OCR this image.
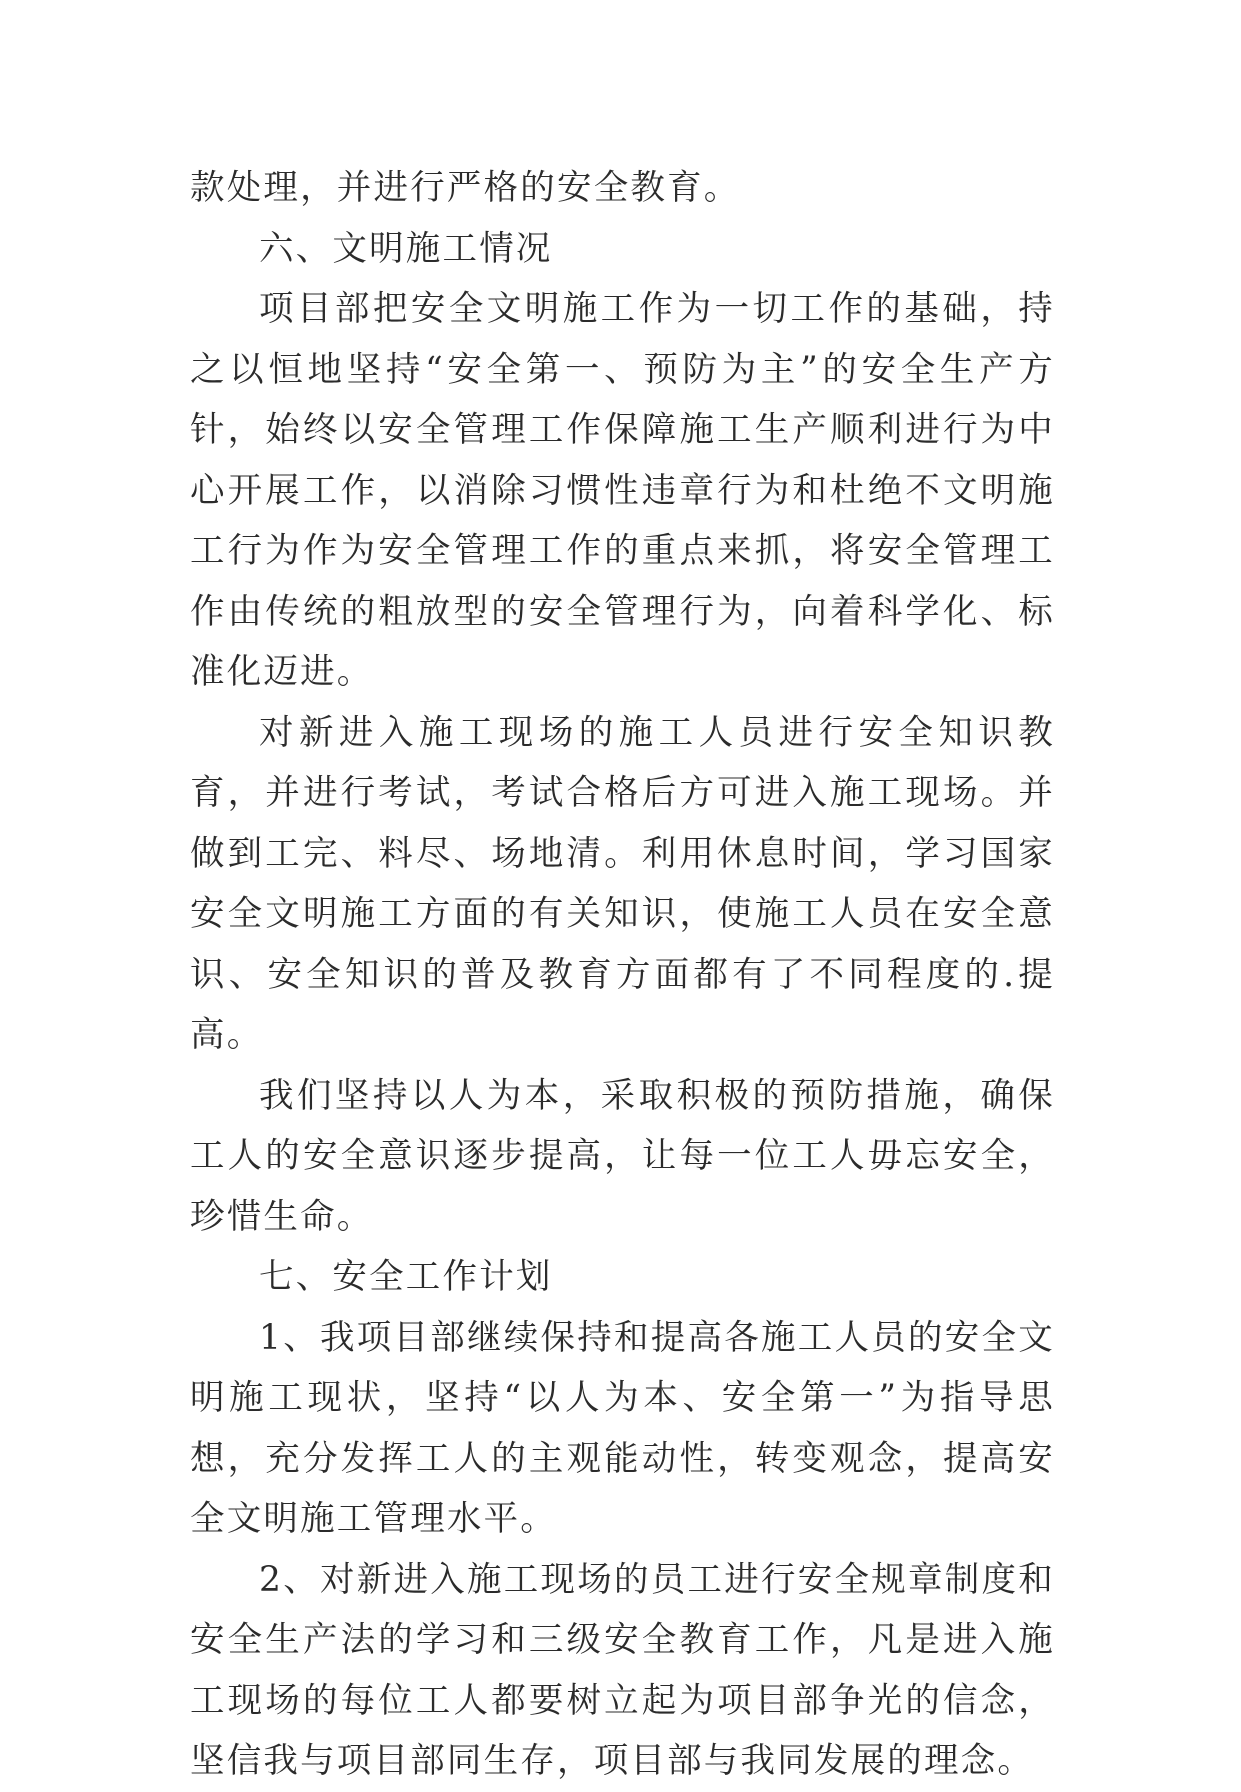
款处理，并进行严格的安全教育。

六、文明施工情况

项目部把安全文明施工作为一切工作的基础，持之以恒地坚持“安全第一、预防为主”的安全生产方针，始终以安全管理工作保障施工生产顺利进行为中心开展工作，以消除习惯性违章行为和杜绝不文明施工行为作为安全管理工作的重点来抓，将安全管理工作由传统的粗放型的安全管理行为，向着科学化、标准化迈进。

对新进入施工现场的施工人员进行安全知识教育，并进行考试，考试合格后方可进入施工现场。并做到工完、料尽、场地清。利用休息时间，学习国家安全文明施工方面的有关知识，使施工人员在安全意识、安全知识的普及教育方面都有了不同程度的.提高。

我们坚持以人为本，采取积极的预防措施，确保工人的安全意识逐步提高，让每一位工人毋忘安全，珍惜生命。

七、安全工作计划

1、我项目部继续保持和提高各施工人员的安全文明施工现状，坚持“以人为本、安全第一”为指导思想，充分发挥工人的主观能动性，转变观念，提高安全文明施工管理水平。

2、对新进入施工现场的员工进行安全规章制度和安全生产法的学习和三级安全教育工作，凡是进入施工现场的每位工人都要树立起为项目部争光的信念，坚信我与项目部同生存，项目部与我同发展的理念。
